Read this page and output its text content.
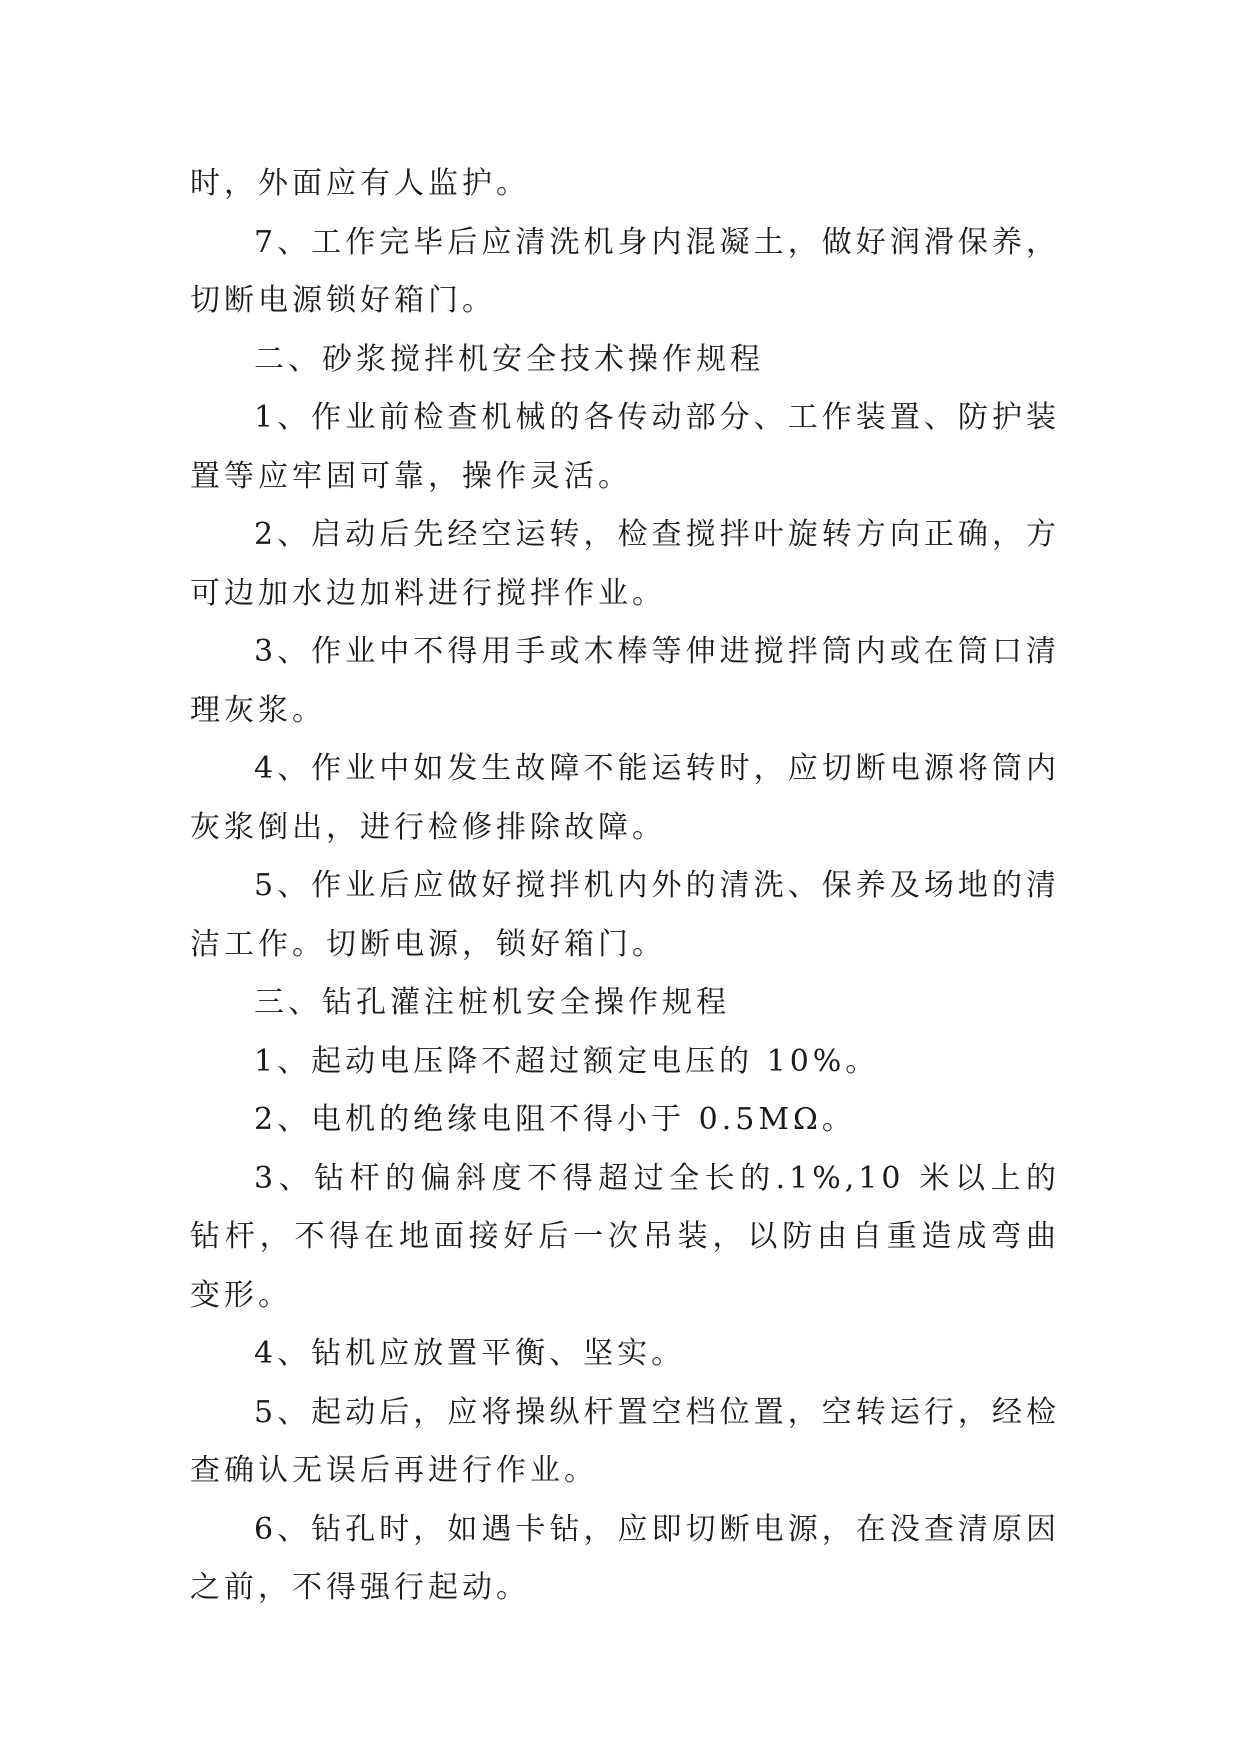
时，外面应有人监护。

7、工作完毕后应清洗机身内混凝土，做好润滑保养，切断电源锁好箱门。

二、砂浆搅拌机安全技术操作规程

1、作业前检查机械的各传动部分、工作装置、防护装置等应牢固可靠，操作灵活。

2、启动后先经空运转，检查搅拌叶旋转方向正确，方可边加水边加料进行搅拌作业。

3、作业中不得用手或木棒等伸进搅拌筒内或在筒口清理灰浆。

4、作业中如发生故障不能运转时，应切断电源将筒内灰浆倒出，进行检修排除故障。

5、作业后应做好搅拌机内外的清洗、保养及场地的清洁工作。切断电源，锁好箱门。

三、钻孔灌注桩机安全操作规程

1、起动电压降不超过额定电压的 10%。

2、电机的绝缘电阻不得小于 0.5MΩ。

3、钻杆的偏斜度不得超过全长的.1%,10 米以上的钻杆，不得在地面接好后一次吊装，以防由自重造成弯曲变形。

4、钻机应放置平衡、坚实。

5、起动后，应将操纵杆置空档位置，空转运行，经检查确认无误后再进行作业。

6、钻孔时，如遇卡钻，应即切断电源，在没查清原因之前，不得强行起动。
